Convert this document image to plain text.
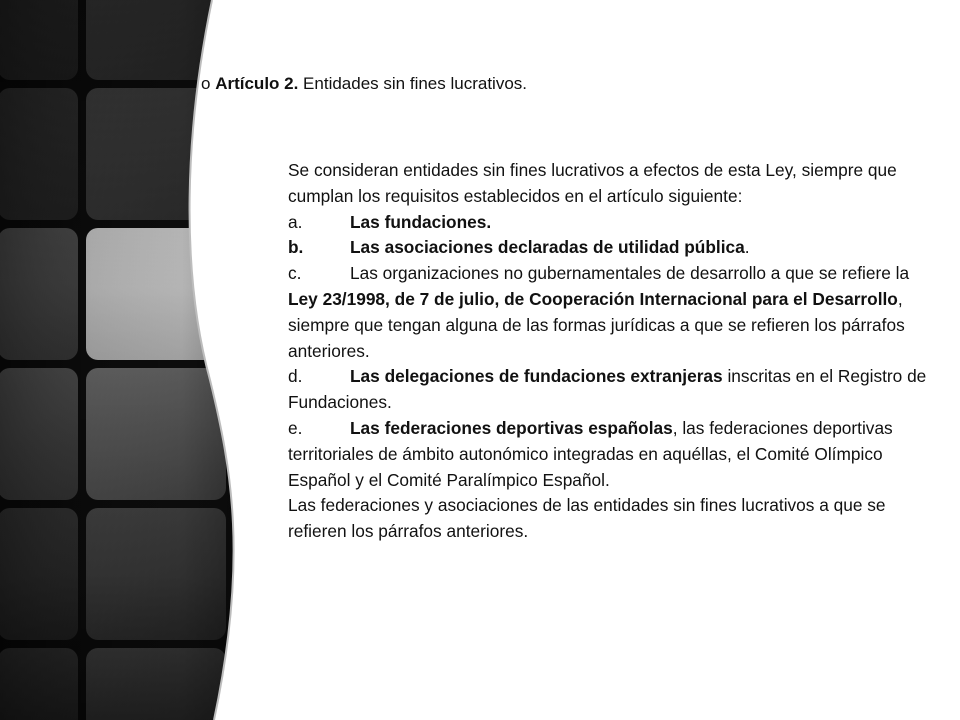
o Artículo 2. Entidades sin fines lucrativos.

Se consideran entidades sin fines lucrativos a efectos de esta Ley, siempre que cumplan los requisitos establecidos en el artículo siguiente:

a.	Las fundaciones.

b.	Las asociaciones declaradas de utilidad pública.

c.	Las organizaciones no gubernamentales de desarrollo a que se refiere la Ley 23/1998, de 7 de julio, de Cooperación Internacional para el Desarrollo, siempre que tengan alguna de las formas jurídicas a que se refieren los párrafos anteriores.

d.	Las delegaciones de fundaciones extranjeras inscritas en el Registro de Fundaciones.

e.	Las federaciones deportivas españolas, las federaciones deportivas territoriales de ámbito autonómico integradas en aquéllas, el Comité Olímpico Español y el Comité Paralímpico Español.

Las federaciones y asociaciones de las entidades sin fines lucrativos a que se refieren los párrafos anteriores.
